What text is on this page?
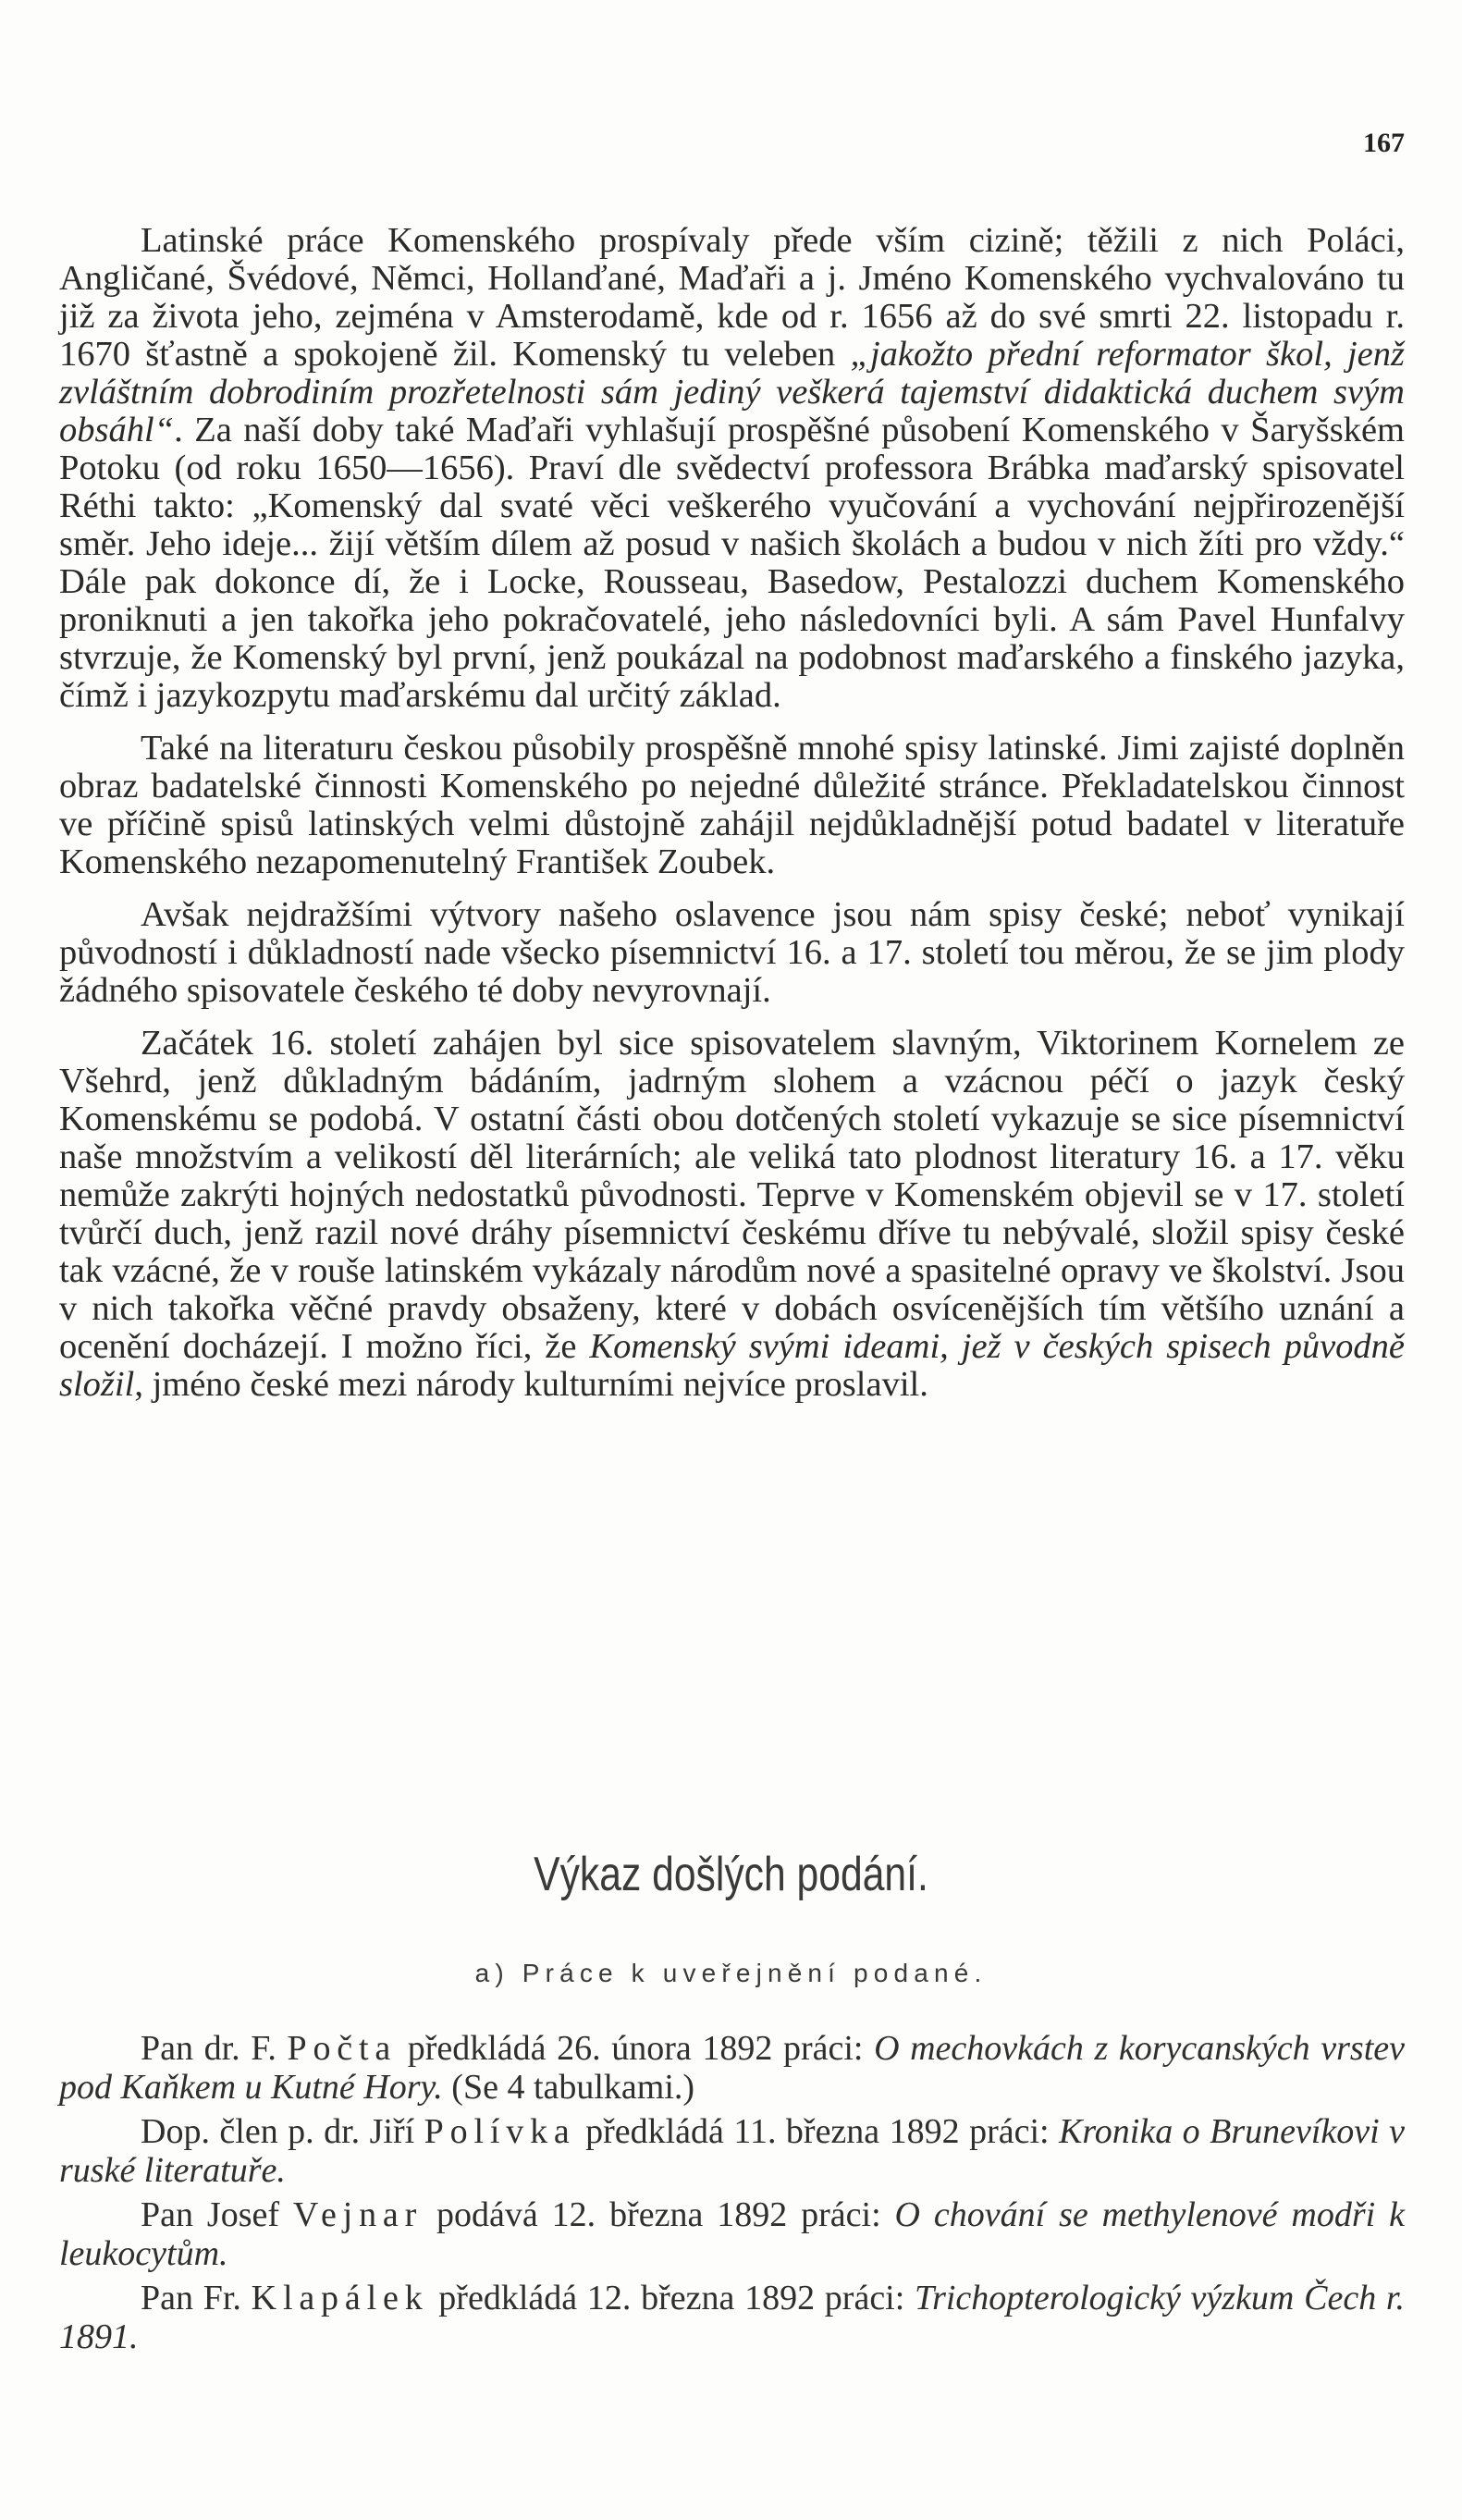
167

Latinské práce Komenského prospívaly přede vším cizině; těžili z nich Poláci, Angličané, Švédové, Němci, Hollanďané, Maďaři a j. Jméno Komenského vychvalováno tu již za života jeho, zejména v Amsterodamě, kde od r. 1656 až do své smrti 22. listopadu r. 1670 šťastně a spokojeně žil. Komenský tu veleben „jakožto přední reformator škol, jenž zvláštním dobrodiním prozřetelnosti sám jediný veškerá tajemství didaktická duchem svým obsáhl“. Za naší doby také Maďaři vyhlašují prospěšné působení Komenského v Šaryšském Potoku (od roku 1650—1656). Praví dle svědectví professora Brábka maďarský spisovatel Réthi takto: „Komenský dal svaté věci veškerého vyučování a vychování nejpřirozenější směr. Jeho ideje... žijí větším dílem až posud v našich školách a budou v nich žíti pro vždy.“ Dále pak dokonce dí, že i Locke, Rousseau, Basedow, Pestalozzi duchem Komenského proniknuti a jen takořka jeho pokračovatelé, jeho následovníci byli. A sám Pavel Hunfalvy stvrzuje, že Komenský byl první, jenž poukázal na podobnost maďarského a finského jazyka, čímž i jazykozpytu maďarskému dal určitý základ.

Také na literaturu českou působily prospěšně mnohé spisy latinské. Jimi zajisté doplněn obraz badatelské činnosti Komenského po nejedné důležité stránce. Překladatelskou činnost ve příčině spisů latinských velmi důstojně zahájil nejdůkladnější potud badatel v literatuře Komenského nezapomenutelný František Zoubek.

Avšak nejdražšími výtvory našeho oslavence jsou nám spisy české; neboť vynikají původností i důkladností nade všecko písemnictví 16. a 17. století tou měrou, že se jim plody žádného spisovatele českého té doby nevyrovnají.

Začátek 16. století zahájen byl sice spisovatelem slavným, Viktorinem Kornelem ze Všehrd, jenž důkladným bádáním, jadrným slohem a vzácnou péčí o jazyk český Komenskému se podobá. V ostatní části obou dotčených století vykazuje se sice písemnictví naše množstvím a velikostí děl literárních; ale veliká tato plodnost literatury 16. a 17. věku nemůže zakrýti hojných nedostatků původnosti. Teprve v Komenském objevil se v 17. století tvůrčí duch, jenž razil nové dráhy písemnictví českému dříve tu nebývalé, složil spisy české tak vzácné, že v rouše latinském vykázaly národům nové a spasitelné opravy ve školství. Jsou v nich takořka věčné pravdy obsaženy, které v dobách osvícenějších tím většího uznání a ocenění docházejí. I možno říci, že Komenský svými ideami, jež v českých spisech původně složil, jméno české mezi národy kulturními nejvíce proslavil.

Výkaz došlých podání.
a) Práce k uveřejnění podané.

Pan dr. F. Počta předkládá 26. února 1892 práci: O mechovkách z korycanských vrstev pod Kaňkem u Kutné Hory. (Se 4 tabulkami.)

Dop. člen p. dr. Jiří Polívka předkládá 11. března 1892 práci: Kronika o Brunevíkovi v ruské literatuře.

Pan Josef Vejnar podává 12. března 1892 práci: O chování se methylenové modři k leukocytům.

Pan Fr. Klapálek předkládá 12. března 1892 práci: Trichopterologický výzkum Čech r. 1891.
